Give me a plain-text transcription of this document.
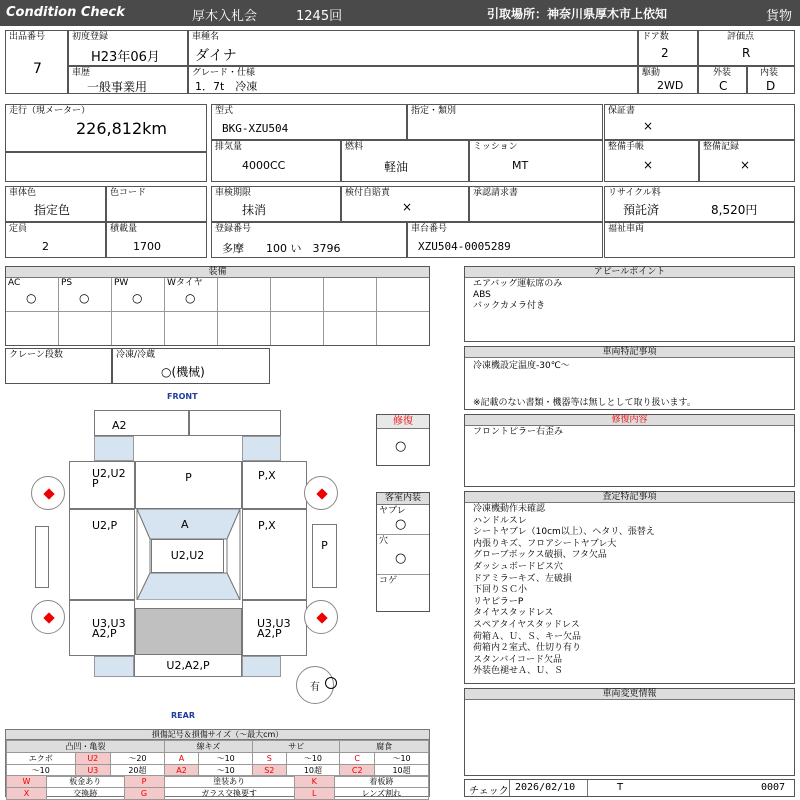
Condition Check	厚木入札会	1245回	引取場所：神奈川県厚木市上依知	貨物
出品番号
7
初度登録
H23年06月
車種名
ダイナ
ドア数
2
評価点
R
車歴
一般事業用
グレード・仕様
1．7t　冷凍
駆動
2WD
外装
C
内装
D
走行（現メーター）
226,812km
型式
BKG-XZU504
指定・類別
排気量
4000CC
燃料
軽油
ミッション
MT
保証書
×
整備手帳
×
整備記録
×
車体色
指定色
色コード	車検期限
抹消
検付自賠責
×
承認請求書	リサイクル料
預託済	8,520円
定員
2
積載量
1700
登録番号
多摩　　100 い　3796
車台番号
XZU504-0005289
福祉車両
装備
AC
○
PS
○
PW
○
Wタイヤ
○
クレーン段数	冷凍/冷蔵
○(機械)
FRONT
REAR
A2
U2,U2
P	P	P,X
U2,P	P,X
A
U2,U2
U3,U3
A2,P
U3,U3
A2,P
U2,A2,P
P
有
修復
○
客室内装
ヤブレ
○
穴
○
コゲ
アピールポイント
エアバッグ運転席のみ
ABS
バックカメラ付き
車両特記事項
冷凍機設定温度-30℃～
※記載のない書類・機器等は無しとして取り扱います。
修復内容
フロントピラー右歪み
査定特記事項
冷凍機動作未確認
ハンドルスレ
シートヤブレ（10cm以上）、ヘタリ、張替え
内張りキズ、フロアシートヤブレ大
グローブボックス破損、フタ欠品
ダッシュボードビス穴
ドアミラーキズ、左破損
下回りＳＣ小
リヤピラーP
タイヤスタッドレス
スペアタイヤスタッドレス
荷箱Ａ、Ｕ、Ｓ、キー欠品
荷箱内２室式、仕切り有り
スタンバイコード欠品
外装色褪せＡ、Ｕ、Ｓ
車両変更情報
チェック 2026/02/10	T	0007
損傷記号＆損傷サイズ（～最大cm）
凸凹・亀裂			線キズ		サビ		腐食	
エクボ	U2	～20	A	～10	S	～10	C	～10
～10	U3	20超	A2	～10	S2	10超	C2	10超
W	板金あり	P	塗装あり	K	着板跡
X	交換跡	G	ガラス交換要す	L	レンズ割れ
